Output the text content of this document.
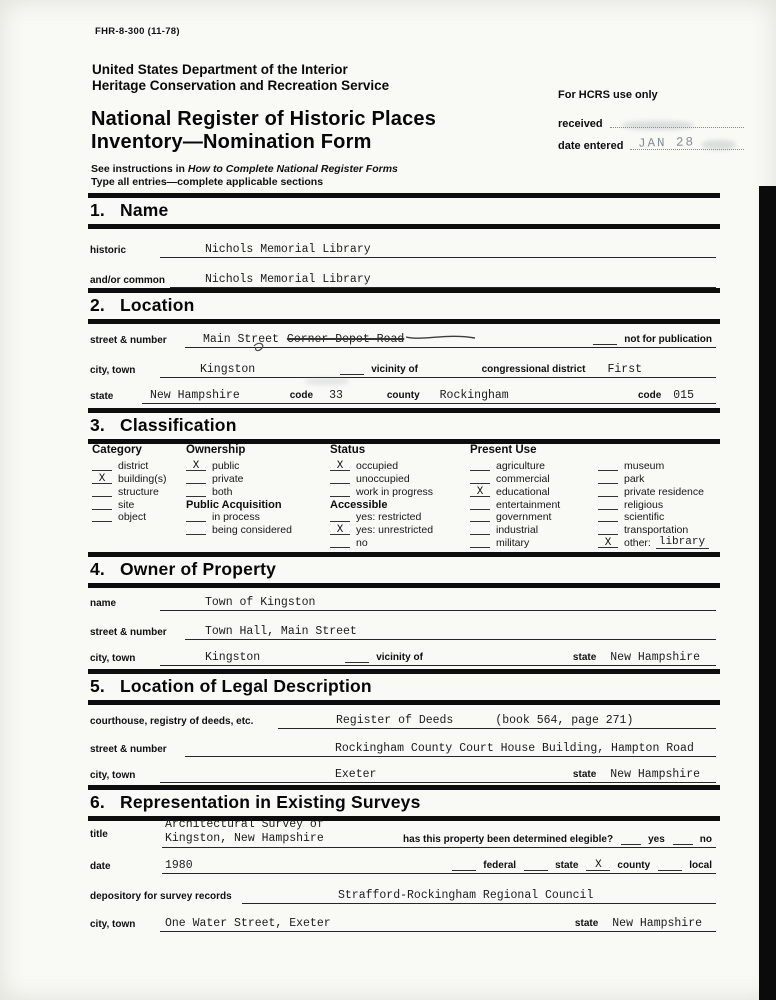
FHR-8-300 (11-78)
United States Department of the Interior
Heritage Conservation and Recreation Service
For HCRS use only
National Register of Historic Places
Inventory—Nomination Form
received
date entered JAN 28
See instructions in How to Complete National Register Forms
Type all entries—complete applicable sections
1. Name
historic	Nichols Memorial Library
and/or common	Nichols Memorial Library
2. Location
street & number	Main Street Corner Depot Road	not for publication
city, town	Kingston	vicinity of	congressional district First
state	New Hampshire	code 33	county Rockingham	code 015
3. Classification
Category
district
X	building(s)
structure
site
object
Ownership
X	public
private
both
Public Acquisition
in process
being considered
Status
X	occupied
unoccupied
work in progress
Accessible
yes: restricted
X	yes: unrestricted
no
Present Use
agriculture
commercial
X	educational
entertainment
government
industrial
military
museum
park
private residence
religious
scientific
transportation
X	other: library
4. Owner of Property
name	Town of Kingston
street & number	Town Hall, Main Street
city, town	Kingston	vicinity of	state New Hampshire
5. Location of Legal Description
courthouse, registry of deeds, etc.	Register of Deeds	(book 564, page 271)
street & number	Rockingham County Court House Building, Hampton Road
city, town	Exeter	state New Hampshire
6. Representation in Existing Surveys
title
Architectural Survey of
Kingston, New Hampshire	has this property been determined elegible?	yes	no
date	1980	federal	state	X	county	local
depository for survey records	Strafford-Rockingham Regional Council
city, town	One Water Street, Exeter	state New Hampshire
